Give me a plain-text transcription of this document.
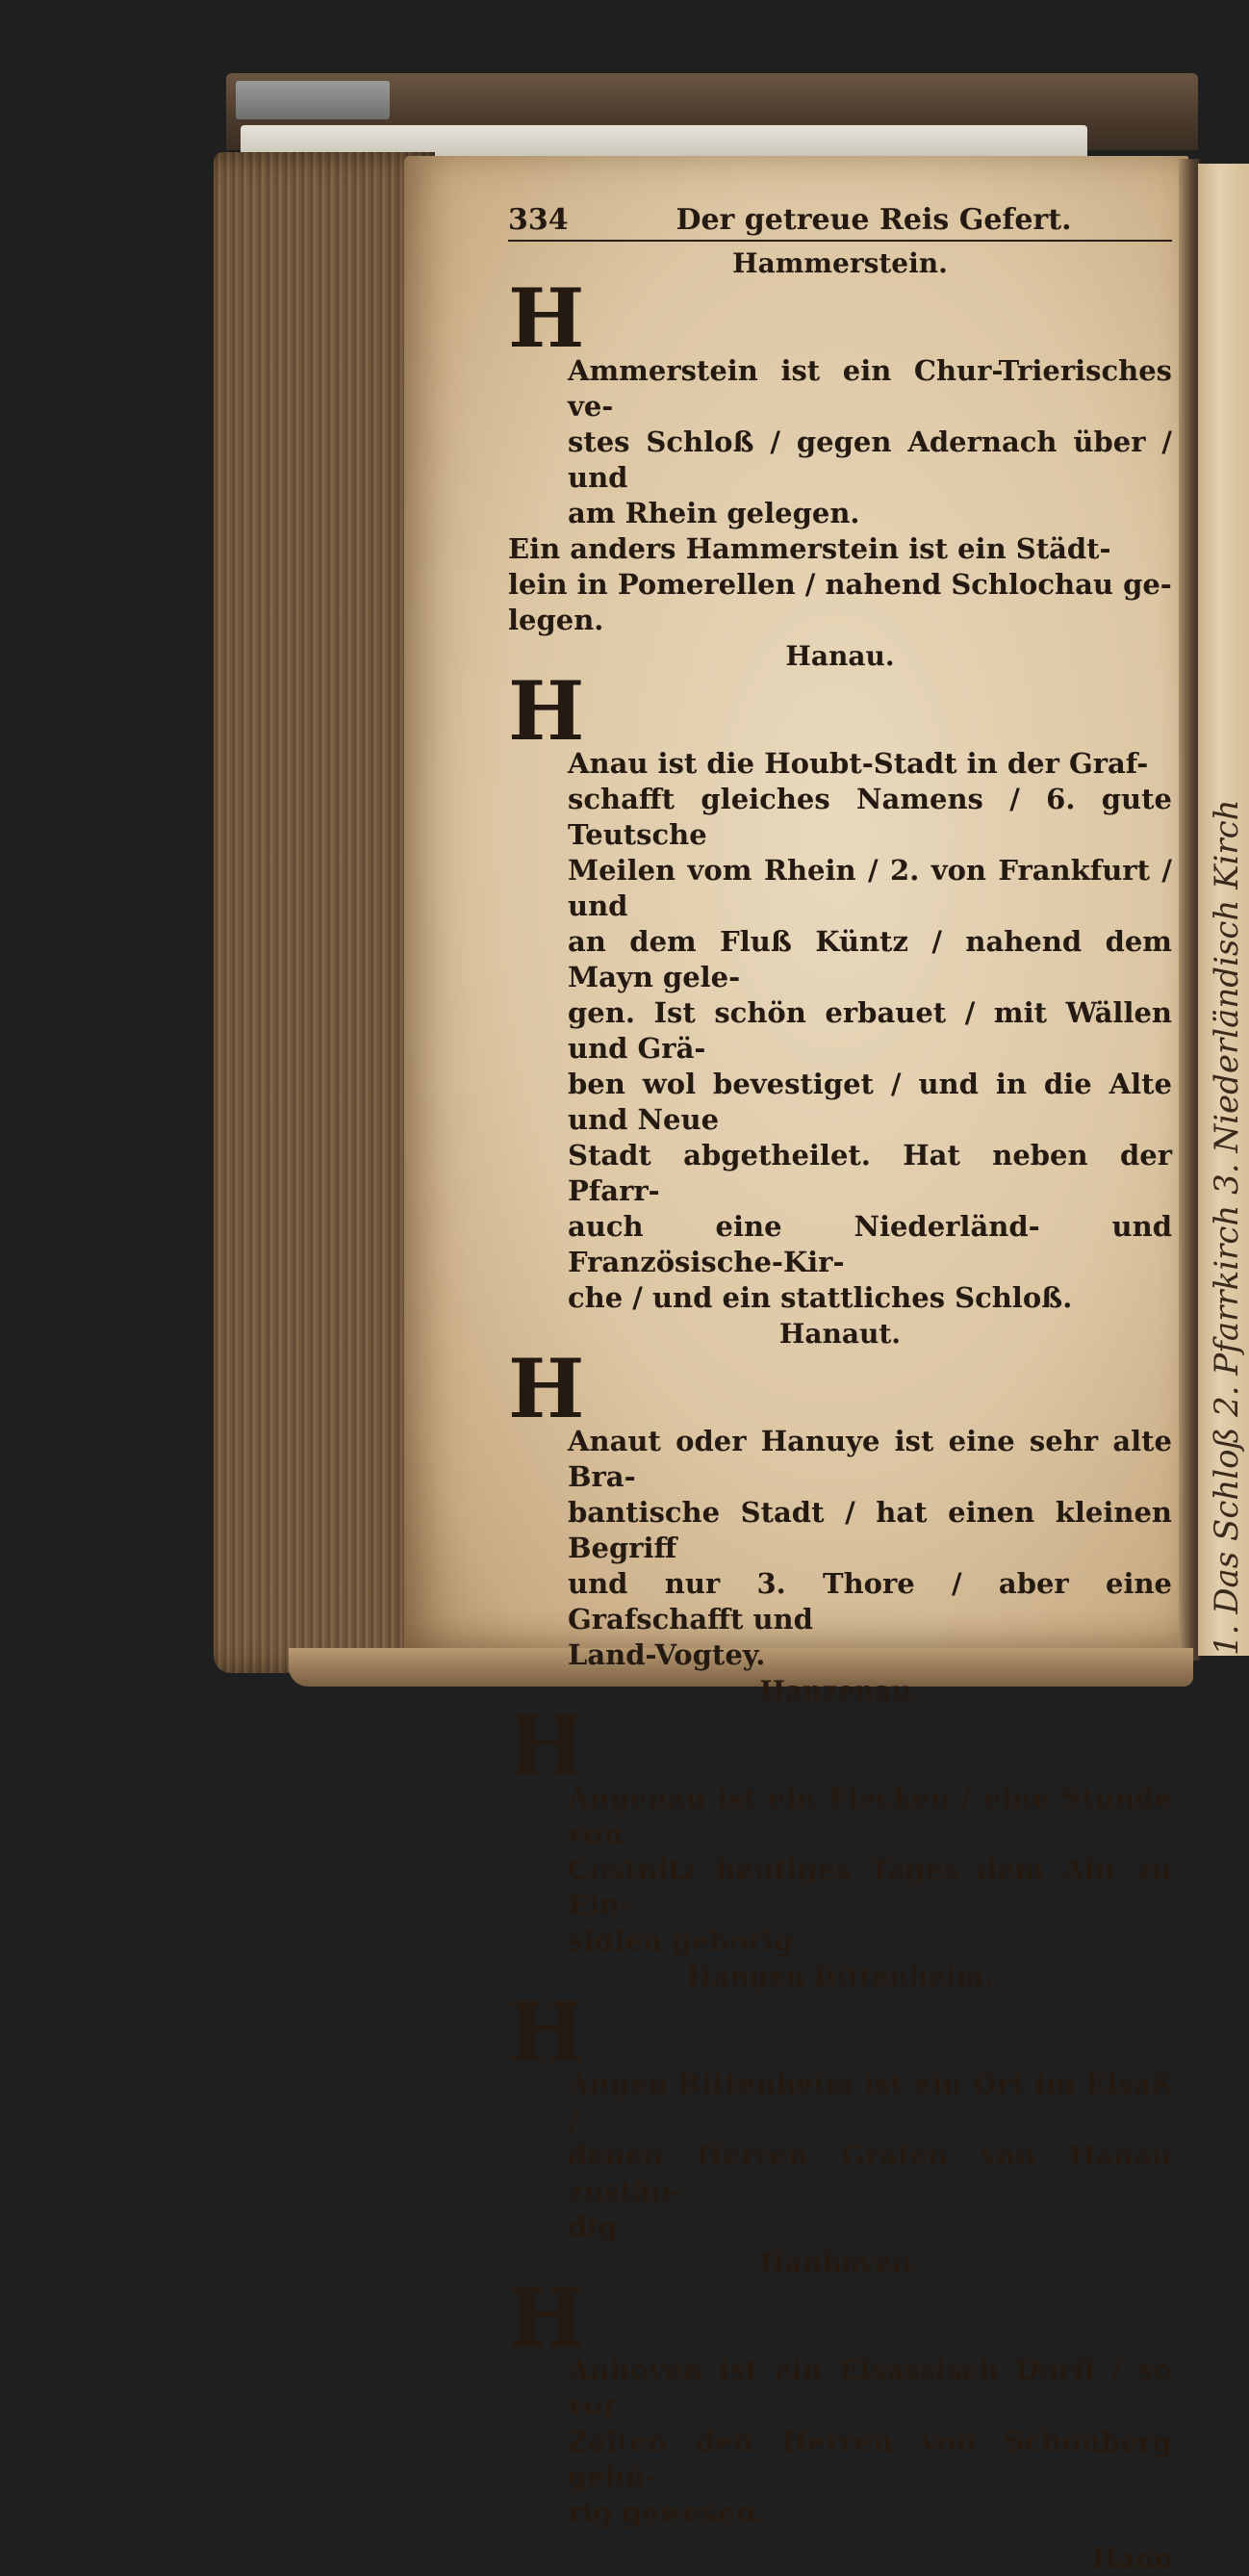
334	Der getreue Reis Gefert.
Hammerstein.

H

Ammerstein ist ein Chur-Trierisches ve-
stes Schloß / gegen Adernach über / und
am Rhein gelegen.

Ein anders Hammerstein ist ein Städt-
lein in Pomerellen / nahend Schlochau ge-
legen.
Hanau.

H

Anau ist die Houbt-Stadt in der Graf-
schafft gleiches Namens / 6. gute Teutsche
Meilen vom Rhein / 2. von Frankfurt / und
an dem Fluß Küntz / nahend dem Mayn gele-
gen. Ist schön erbauet / mit Wällen und Grä-
ben wol bevestiget / und in die Alte und Neue
Stadt abgetheilet. Hat neben der Pfarr-
auch eine Niederländ- und Französische-Kir-
che / und ein stattliches Schloß.

Hanaut.

H

Anaut oder Hanuye ist eine sehr alte Bra-
bantische Stadt / hat einen kleinen Begriff
und nur 3. Thore / aber eine Grafschafft und
Land-Vogtey.

Hanzenau.

H

Angenau ist ein Flecken / eine Stunde von
Costnitz heutiges Tages dem Abt zu Ein-
sidlen gehörig

Hangen Bittenheim.

H

Angen Bittenheim ist ein Ort im Elsaß /
denen Herren Grafen von Hanau zustän-
dig.

Hanhoven.

H

Anhoven ist ein Elsassisch Dorff / so vor
Zeiten den Herren von Schönberg gehö-
rig gewesen.

Hano
1. Das Schloß 2. Pfarrkirch 3. Niederländisch Kirch
